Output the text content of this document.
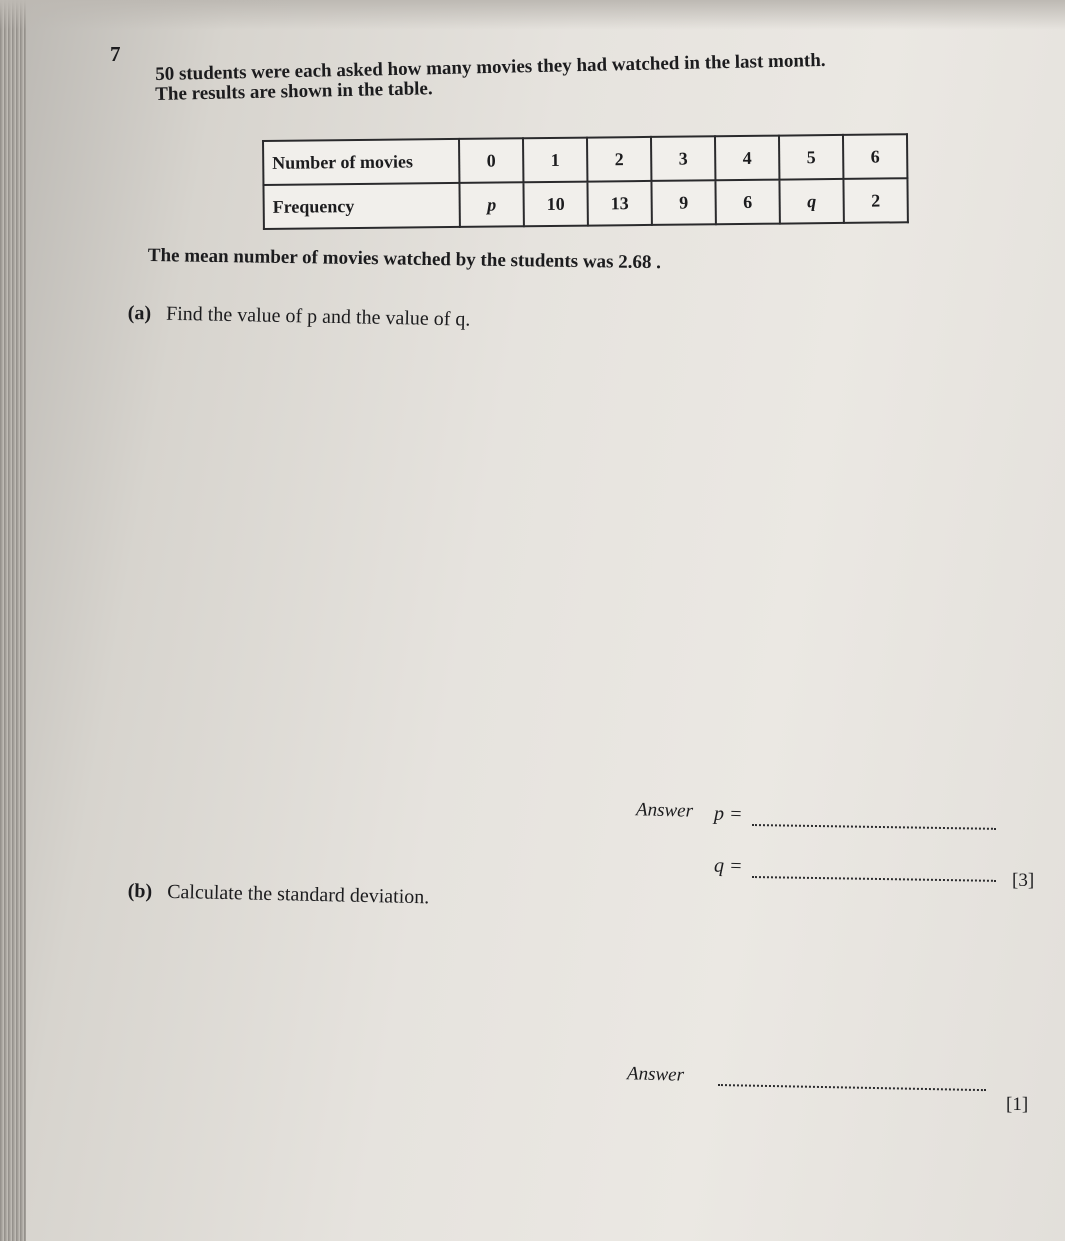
7 50 students were each asked how many movies they had watched in the last month.
The results are shown in the table.
Number of movies	0	1	2	3	4	5	6
Frequency	p	10	13	9	6	q	2
The mean number of movies watched by the students was 2.68 .
(a) Find the value of p and the value of q.
Answer p =
q =
[3]
(b) Calculate the standard deviation.
Answer
[1]
